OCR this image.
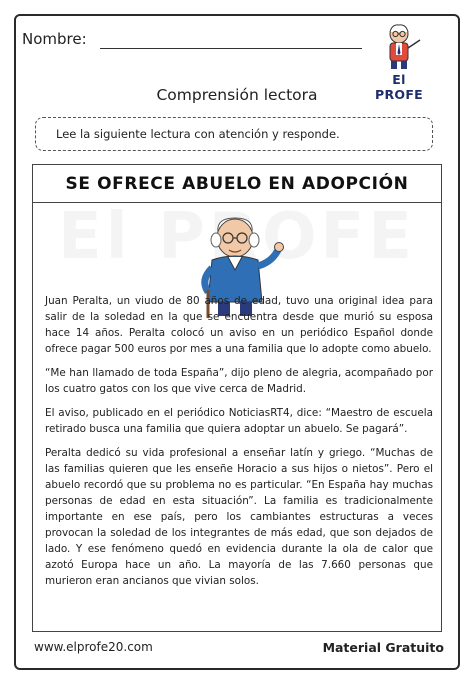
Nombre:
El PROFE
Comprensión lectora
Lee la siguiente lectura con atención y responde.
SE OFRECE ABUELO EN ADOPCIÓN

Juan Peralta, un viudo de 80 años de edad, tuvo una original idea para salir de la soledad en la que se encuentra desde que murió su esposa hace 14 años. Peralta colocó un aviso en un periódico Español donde ofrece pagar 500 euros por mes a una familia que lo adopte como abuelo.

“Me han llamado de toda España”, dijo pleno de alegria, acompañado por los cuatro gatos con los que vive cerca de Madrid.

El aviso, publicado en el periódico NoticiasRT4, dice: “Maestro de escuela retirado busca una familia que quiera adoptar un abuelo. Se pagará”.

Peralta dedicó su vida profesional a enseñar latín y griego. “Muchas de las familias quieren que les enseñe Horacio a sus hijos o nietos”. Pero el abuelo recordó que su problema no es particular. “En España hay muchas personas de edad en esta situación”. La familia es tradicionalmente importante en ese país, pero los cambiantes estructuras a veces provocan la soledad de los integrantes de más edad, que son dejados de lado. Y ese fenómeno quedó en evidencia durante la ola de calor que azotó Europa hace un año. La mayoría de las 7.660 personas que murieron eran ancianos que vivian solos.

www.elprofe20.com	Material Gratuito
